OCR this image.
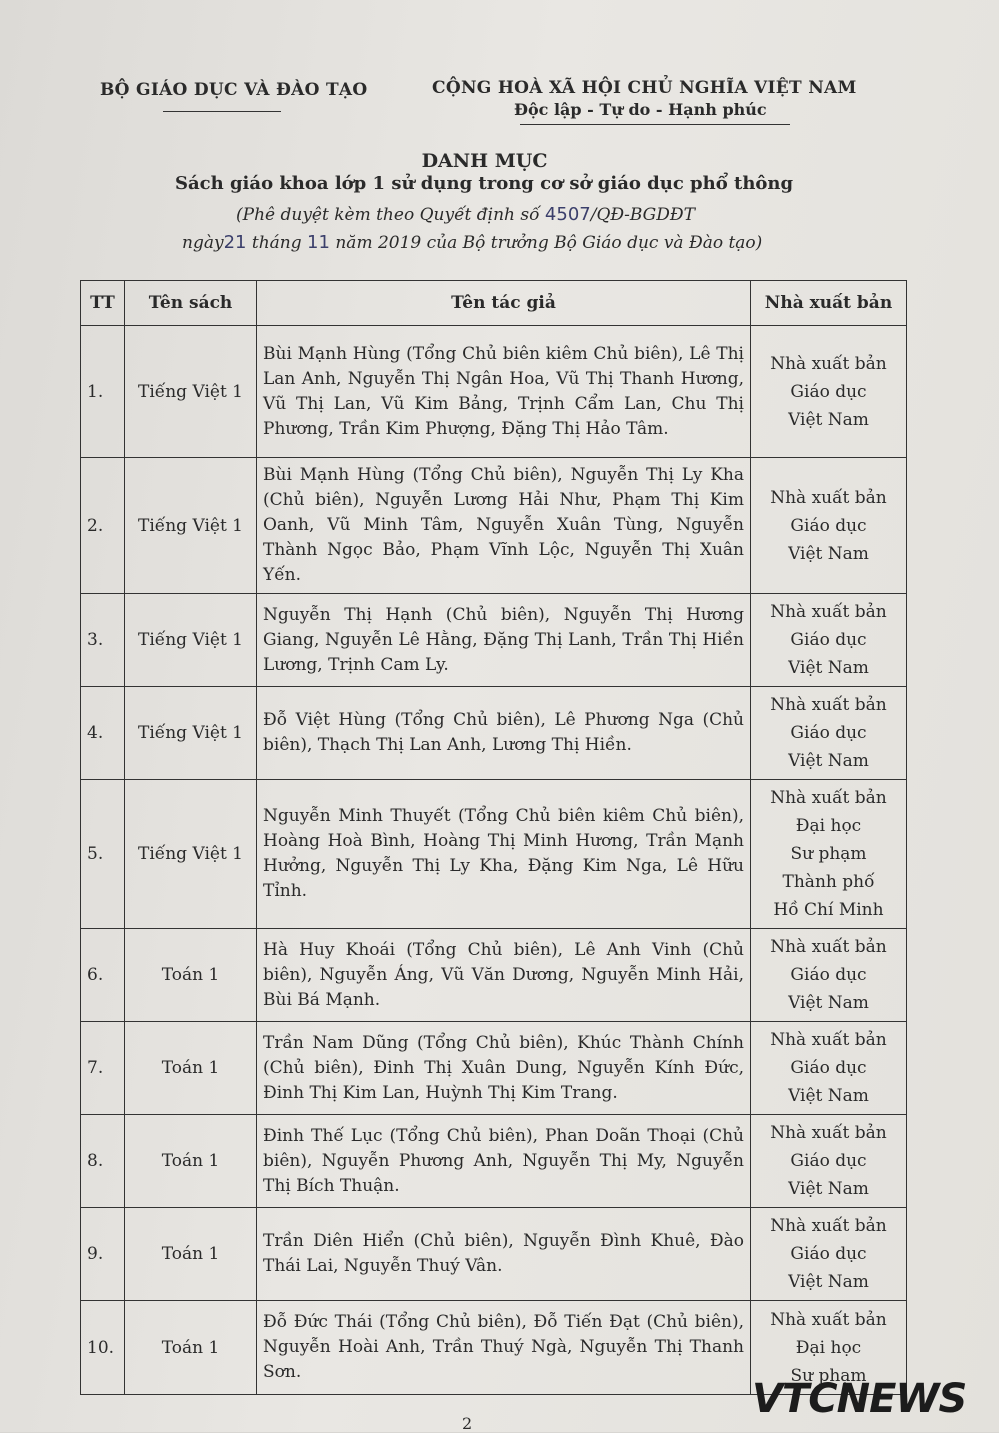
BỘ GIÁO DỤC VÀ ĐÀO TẠO	CỘNG HOÀ XÃ HỘI CHỦ NGHĨA VIỆT NAM
Độc lập - Tự do - Hạnh phúc
DANH MỤC
Sách giáo khoa lớp 1 sử dụng trong cơ sở giáo dục phổ thông
(Phê duyệt kèm theo Quyết định số 4507/QĐ-BGDĐT
ngày21 tháng 11 năm 2019 của Bộ trưởng Bộ Giáo dục và Đào tạo)
TT	Tên sách	Tên tác giả	Nhà xuất bản
1.	Tiếng Việt 1	Bùi Mạnh Hùng (Tổng Chủ biên kiêm Chủ biên), Lê Thị Lan Anh, Nguyễn Thị Ngân Hoa, Vũ Thị Thanh Hương, Vũ Thị Lan, Vũ Kim Bảng, Trịnh Cẩm Lan, Chu Thị Phương, Trần Kim Phượng, Đặng Thị Hảo Tâm.	Nhà xuất bản
Giáo dục
Việt Nam

2.	Tiếng Việt 1	Bùi Mạnh Hùng (Tổng Chủ biên), Nguyễn Thị Ly Kha (Chủ biên), Nguyễn Lương Hải Như, Phạm Thị Kim Oanh, Vũ Minh Tâm, Nguyễn Xuân Tùng, Nguyễn Thành Ngọc Bảo, Phạm Vĩnh Lộc, Nguyễn Thị Xuân Yến.	Nhà xuất bản
Giáo dục
Việt Nam

3.	Tiếng Việt 1	Nguyễn Thị Hạnh (Chủ biên), Nguyễn Thị Hương Giang, Nguyễn Lê Hằng, Đặng Thị Lanh, Trần Thị Hiền Lương, Trịnh Cam Ly.	Nhà xuất bản
Giáo dục
Việt Nam

4.	Tiếng Việt 1	Đỗ Việt Hùng (Tổng Chủ biên), Lê Phương Nga (Chủ biên), Thạch Thị Lan Anh, Lương Thị Hiền.	Nhà xuất bản
Giáo dục
Việt Nam

5.	Tiếng Việt 1	Nguyễn Minh Thuyết (Tổng Chủ biên kiêm Chủ biên), Hoàng Hoà Bình, Hoàng Thị Minh Hương, Trần Mạnh Hưởng, Nguyễn Thị Ly Kha, Đặng Kim Nga, Lê Hữu Tỉnh.	Nhà xuất bản
Đại học
Sư phạm
Thành phố
Hồ Chí Minh

6.	Toán 1	Hà Huy Khoái (Tổng Chủ biên), Lê Anh Vinh (Chủ biên), Nguyễn Áng, Vũ Văn Dương, Nguyễn Minh Hải, Bùi Bá Mạnh.	Nhà xuất bản
Giáo dục
Việt Nam

7.	Toán 1	Trần Nam Dũng (Tổng Chủ biên), Khúc Thành Chính (Chủ biên), Đinh Thị Xuân Dung, Nguyễn Kính Đức, Đinh Thị Kim Lan, Huỳnh Thị Kim Trang.	Nhà xuất bản
Giáo dục
Việt Nam

8.	Toán 1	Đinh Thế Lục (Tổng Chủ biên), Phan Doãn Thoại (Chủ biên), Nguyễn Phương Anh, Nguyễn Thị My, Nguyễn Thị Bích Thuận.	Nhà xuất bản
Giáo dục
Việt Nam

9.	Toán 1	Trần Diên Hiển (Chủ biên), Nguyễn Đình Khuê, Đào Thái Lai, Nguyễn Thuý Vân.	Nhà xuất bản
Giáo dục
Việt Nam

10.	Toán 1	Đỗ Đức Thái (Tổng Chủ biên), Đỗ Tiến Đạt (Chủ biên), Nguyễn Hoài Anh, Trần Thuý Ngà, Nguyễn Thị Thanh Sơn.	Nhà xuất bản
Đại học
Sư phạm
2
VTCNEWS
